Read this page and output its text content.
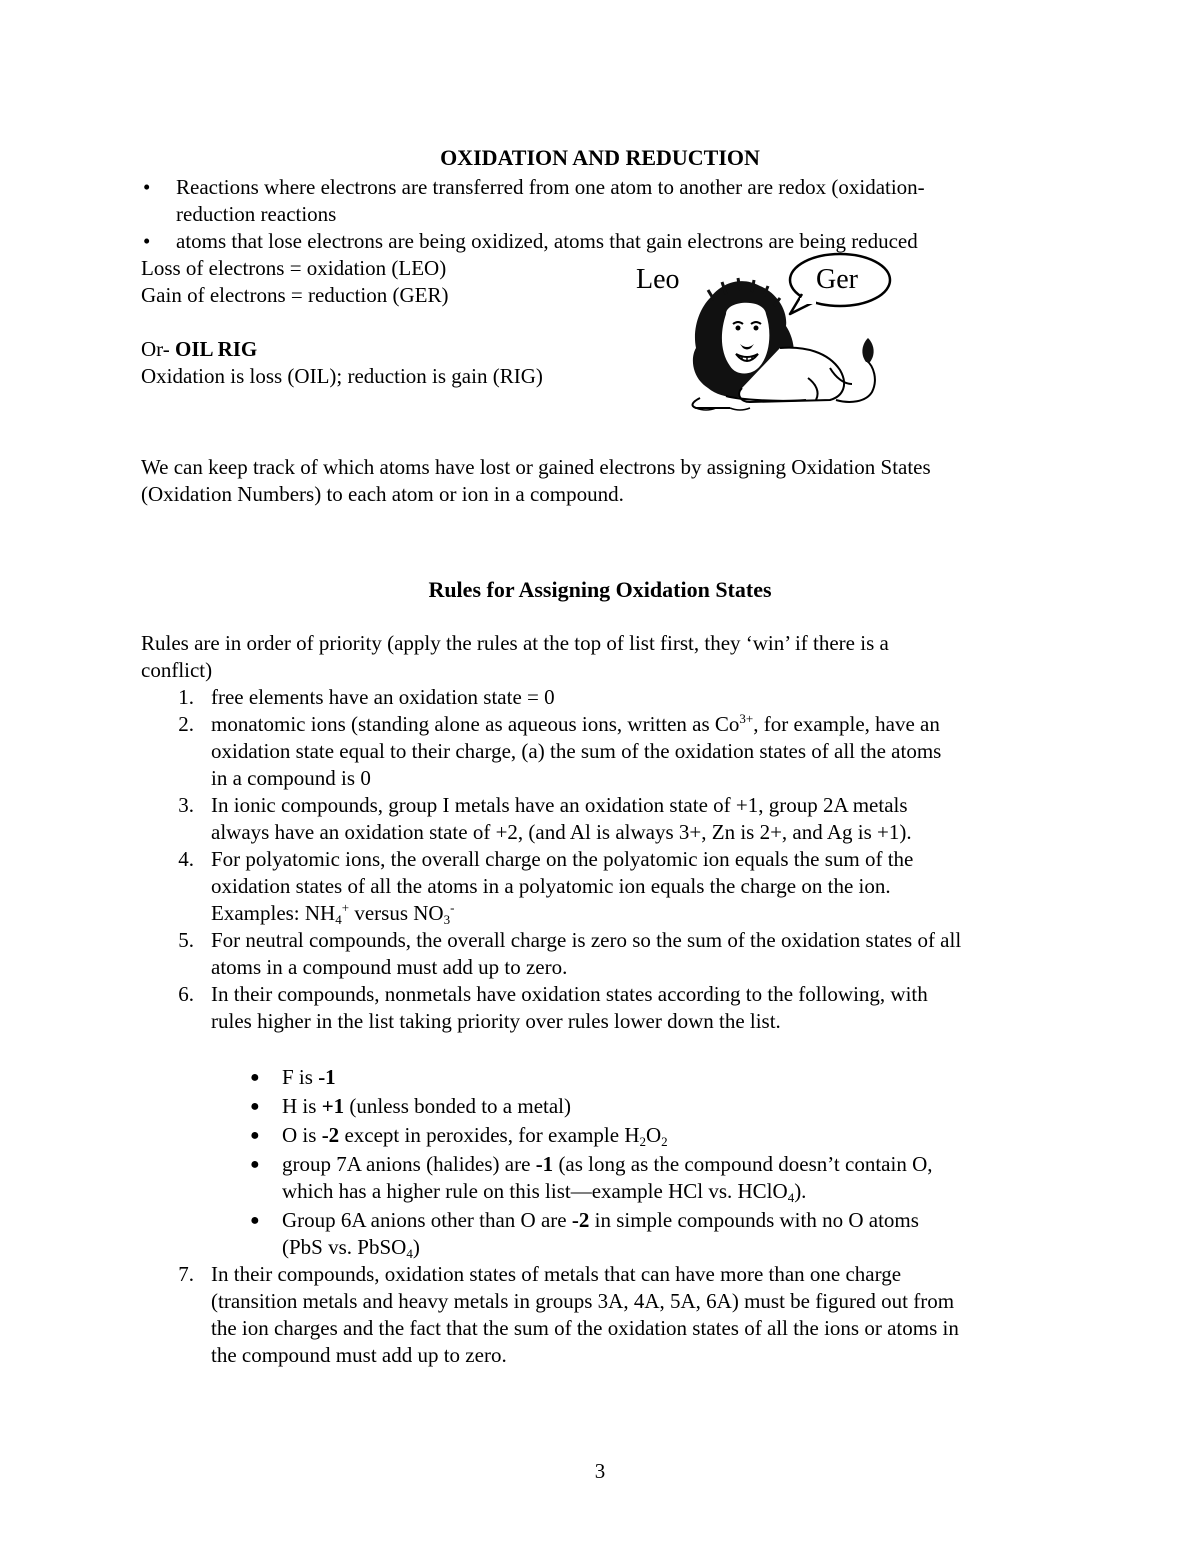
OXIDATION AND REDUCTION
• Reactions where electrons are transferred from one atom to another are redox (oxidation-
reduction reactions
• atoms that lose electrons are being oxidized, atoms that gain electrons are being reduced
Loss of electrons = oxidation (LEO)
Gain of electrons = reduction (GER)
Or- OIL RIG
Oxidation is loss (OIL); reduction is gain (RIG)
Leo	Ger
We can keep track of which atoms have lost or gained electrons by assigning Oxidation States
(Oxidation Numbers) to each atom or ion in a compound.
Rules for Assigning Oxidation States
Rules are in order of priority (apply the rules at the top of list first, they ‘win’ if there is a
conflict)
1. free elements have an oxidation state = 0
2. monatomic ions (standing alone as aqueous ions, written as $Co^{3+}$, for example, have an
oxidation state equal to their charge, (a) the sum of the oxidation states of all the atoms
in a compound is 0
3. In ionic compounds, group I metals have an oxidation state of +1, group 2A metals
always have an oxidation state of +2, (and Al is always 3+, Zn is 2+, and Ag is +1).
4. For polyatomic ions, the overall charge on the polyatomic ion equals the sum of the
oxidation states of all the atoms in a polyatomic ion equals the charge on the ion.
Examples: $NH_4^+$ versus $NO_3^-$
5. For neutral compounds, the overall charge is zero so the sum of the oxidation states of all
atoms in a compound must add up to zero.
6. In their compounds, nonmetals have oxidation states according to the following, with
rules higher in the list taking priority over rules lower down the list.
● F is -1
● H is +1 (unless bonded to a metal)
● O is -2 except in peroxides, for example $H_2O_2$
● group 7A anions (halides) are -1 (as long as the compound doesn’t contain O,
which has a higher rule on this list—example HCl vs. HClO$_4$).
● Group 6A anions other than O are -2 in simple compounds with no O atoms
(PbS vs. PbSO$_4$)
7. In their compounds, oxidation states of metals that can have more than one charge
(transition metals and heavy metals in groups 3A, 4A, 5A, 6A) must be figured out from
the ion charges and the fact that the sum of the oxidation states of all the ions or atoms in
the compound must add up to zero.
3
